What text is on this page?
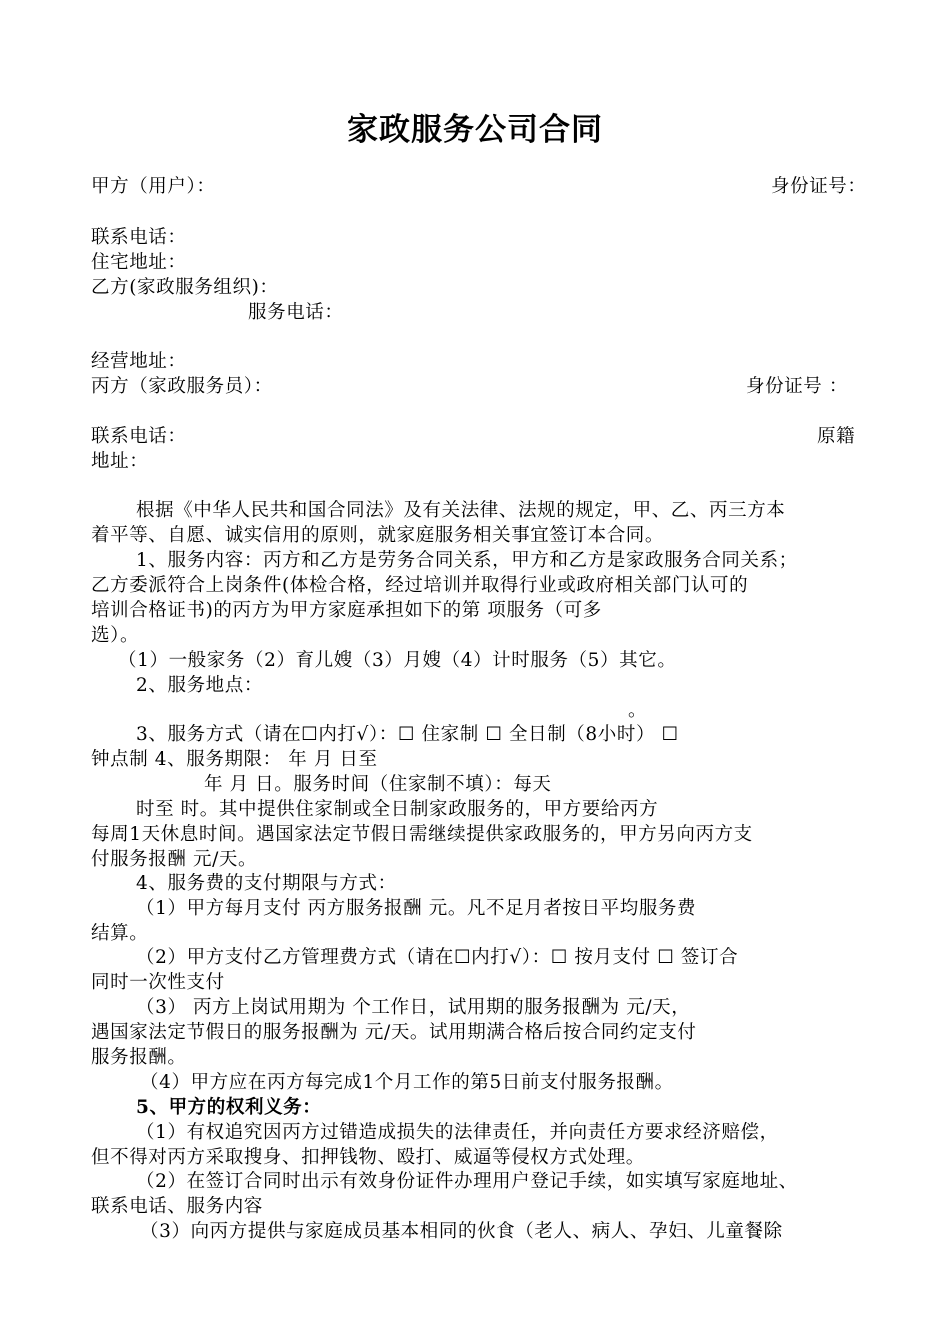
家政服务公司合同
甲方（用户）：	身份证号：
联系电话：
住宅地址：
乙方(家政服务组织)：
服务电话：
经营地址：
丙方（家政服务员）：	身份证号 ：
联系电话：	原籍
地址：
根据《中华人民共和国合同法》及有关法律、法规的规定，甲、乙、丙三方本
着平等、自愿、诚实信用的原则，就家庭服务相关事宜签订本合同。
1、服务内容：丙方和乙方是劳务合同关系，甲方和乙方是家政服务合同关系；
乙方委派符合上岗条件(体检合格，经过培训并取得行业或政府相关部门认可的
培训合格证书)的丙方为甲方家庭承担如下的第 项服务（可多
选）。
（1）一般家务（2）育儿嫂（3）月嫂（4）计时服务（5）其它。
2、服务地点：
。
3、服务方式（请在☐内打√）：☐ 住家制 ☐ 全日制（8小时） ☐
钟点制 4、服务期限： 年 月 日至
年 月 日。服务时间（住家制不填）：每天
时至 时。其中提供住家制或全日制家政服务的，甲方要给丙方
每周1天休息时间。遇国家法定节假日需继续提供家政服务的，甲方另向丙方支
付服务报酬 元/天。
4、服务费的支付期限与方式：
（1）甲方每月支付 丙方服务报酬 元。凡不足月者按日平均服务费
结算。
（2）甲方支付乙方管理费方式（请在☐内打√）：☐ 按月支付 ☐ 签订合
同时一次性支付
（3） 丙方上岗试用期为 个工作日，试用期的服务报酬为 元/天，
遇国家法定节假日的服务报酬为 元/天。试用期满合格后按合同约定支付
服务报酬。
（4）甲方应在丙方每完成1个月工作的第5日前支付服务报酬。
5、甲方的权利义务：
（1）有权追究因丙方过错造成损失的法律责任，并向责任方要求经济赔偿，
但不得对丙方采取搜身、扣押钱物、殴打、威逼等侵权方式处理。
（2）在签订合同时出示有效身份证件办理用户登记手续，如实填写家庭地址、
联系电话、服务内容
（3）向丙方提供与家庭成员基本相同的伙食（老人、病人、孕妇、儿童餐除
